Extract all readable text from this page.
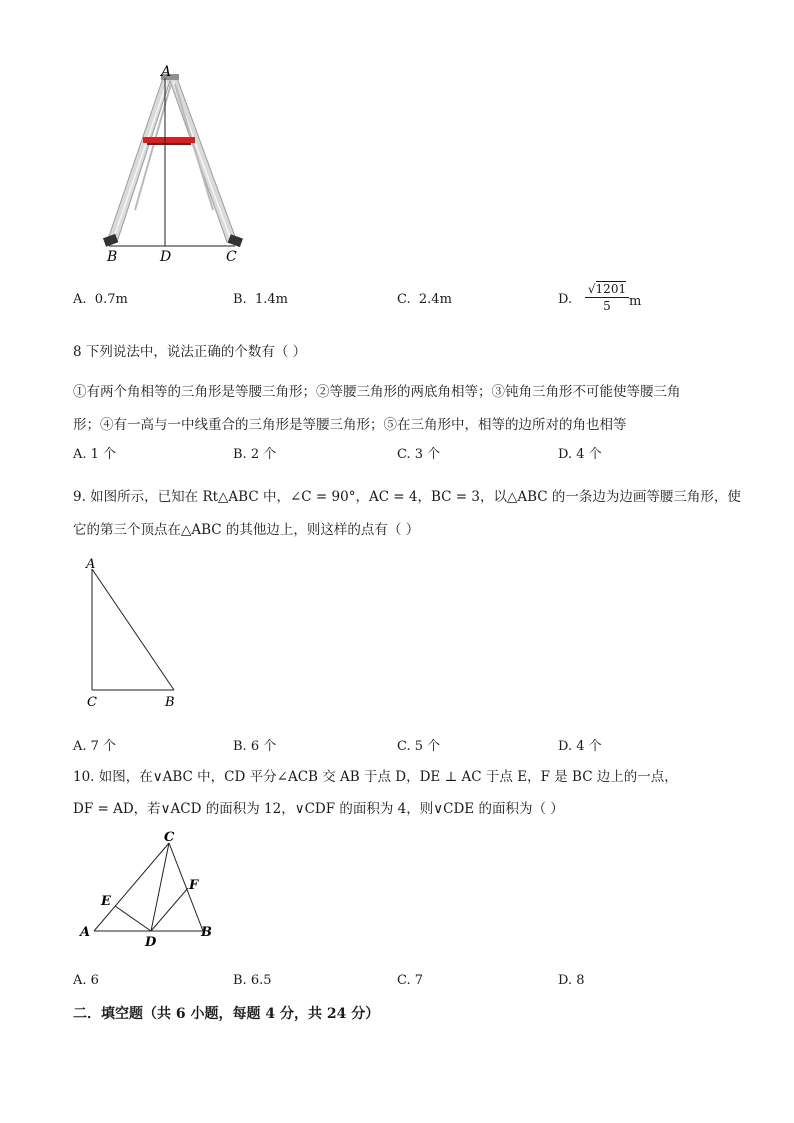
A
B	D	C
A. 0.7m	B. 1.4m	C. 2.4m	D. $\frac{√1201}{5}$ m
8 下列说法中，说法正确的个数有（ ）
①有两个角相等的三角形是等腰三角形；②等腰三角形的两底角相等；③钝角三角形不可能使等腰三角
形；④有一高与一中线重合的三角形是等腰三角形；⑤在三角形中，相等的边所对的角也相等
A. 1 个	B. 2 个	C. 3 个	D. 4 个
9. 如图所示，已知在 Rt△ABC 中，∠C = 90°，AC = 4，BC = 3，以△ABC 的一条边为边画等腰三角形，使
它的第三个顶点在△ABC 的其他边上，则这样的点有（ ）
A
C	B
A. 7 个	B. 6 个	C. 5 个	D. 4 个
10. 如图，在∨ABC 中，CD 平分∠ACB 交 AB 于点 D，DE ⊥ AC 于点 E，F 是 BC 边上的一点，
DF = AD，若∨ACD 的面积为 12，∨CDF 的面积为 4，则∨CDE 的面积为（ ）
C
F
E
A
D
B
A. 6	B. 6.5	C. 7	D. 8
二．填空题（共 6 小题，每题 4 分，共 24 分）
